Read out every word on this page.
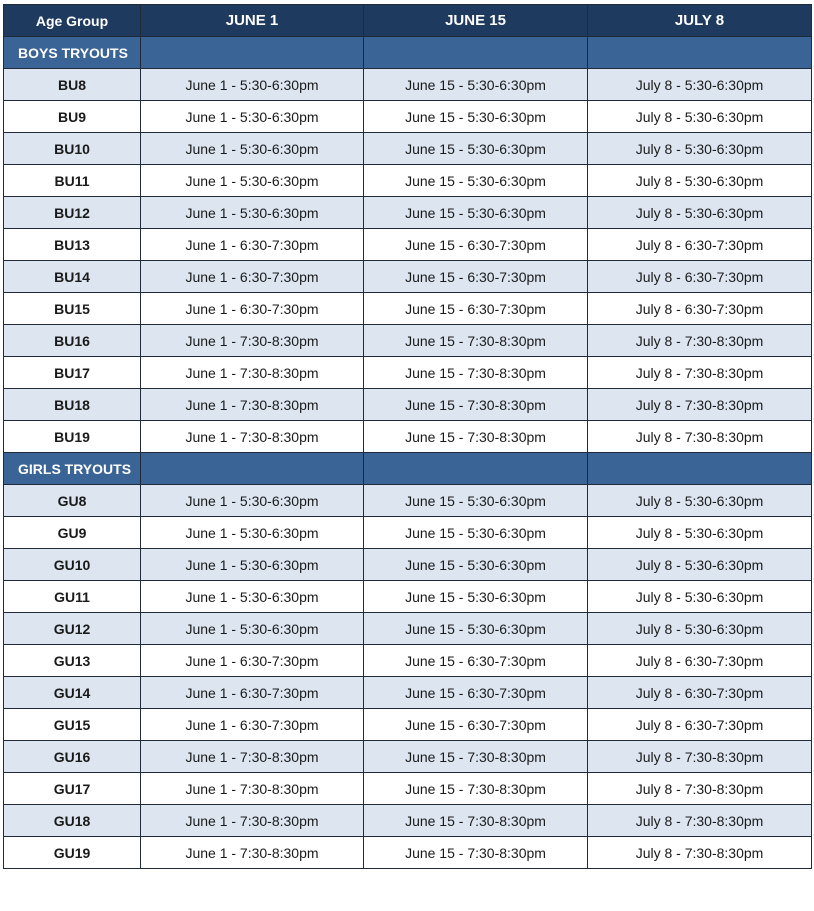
Age Group	JUNE 1	JUNE 15	JULY 8
BOYS TRYOUTS			
BU8	June 1 - 5:30-6:30pm	June 15 - 5:30-6:30pm	July 8 - 5:30-6:30pm
BU9	June 1 - 5:30-6:30pm	June 15 - 5:30-6:30pm	July 8 - 5:30-6:30pm
BU10	June 1 - 5:30-6:30pm	June 15 - 5:30-6:30pm	July 8 - 5:30-6:30pm
BU11	June 1 - 5:30-6:30pm	June 15 - 5:30-6:30pm	July 8 - 5:30-6:30pm
BU12	June 1 - 5:30-6:30pm	June 15 - 5:30-6:30pm	July 8 - 5:30-6:30pm
BU13	June 1 - 6:30-7:30pm	June 15 - 6:30-7:30pm	July 8 - 6:30-7:30pm
BU14	June 1 - 6:30-7:30pm	June 15 - 6:30-7:30pm	July 8 - 6:30-7:30pm
BU15	June 1 - 6:30-7:30pm	June 15 - 6:30-7:30pm	July 8 - 6:30-7:30pm
BU16	June 1 - 7:30-8:30pm	June 15 - 7:30-8:30pm	July 8 - 7:30-8:30pm
BU17	June 1 - 7:30-8:30pm	June 15 - 7:30-8:30pm	July 8 - 7:30-8:30pm
BU18	June 1 - 7:30-8:30pm	June 15 - 7:30-8:30pm	July 8 - 7:30-8:30pm
BU19	June 1 - 7:30-8:30pm	June 15 - 7:30-8:30pm	July 8 - 7:30-8:30pm
GIRLS TRYOUTS			
GU8	June 1 - 5:30-6:30pm	June 15 - 5:30-6:30pm	July 8 - 5:30-6:30pm
GU9	June 1 - 5:30-6:30pm	June 15 - 5:30-6:30pm	July 8 - 5:30-6:30pm
GU10	June 1 - 5:30-6:30pm	June 15 - 5:30-6:30pm	July 8 - 5:30-6:30pm
GU11	June 1 - 5:30-6:30pm	June 15 - 5:30-6:30pm	July 8 - 5:30-6:30pm
GU12	June 1 - 5:30-6:30pm	June 15 - 5:30-6:30pm	July 8 - 5:30-6:30pm
GU13	June 1 - 6:30-7:30pm	June 15 - 6:30-7:30pm	July 8 - 6:30-7:30pm
GU14	June 1 - 6:30-7:30pm	June 15 - 6:30-7:30pm	July 8 - 6:30-7:30pm
GU15	June 1 - 6:30-7:30pm	June 15 - 6:30-7:30pm	July 8 - 6:30-7:30pm
GU16	June 1 - 7:30-8:30pm	June 15 - 7:30-8:30pm	July 8 - 7:30-8:30pm
GU17	June 1 - 7:30-8:30pm	June 15 - 7:30-8:30pm	July 8 - 7:30-8:30pm
GU18	June 1 - 7:30-8:30pm	June 15 - 7:30-8:30pm	July 8 - 7:30-8:30pm
GU19	June 1 - 7:30-8:30pm	June 15 - 7:30-8:30pm	July 8 - 7:30-8:30pm
